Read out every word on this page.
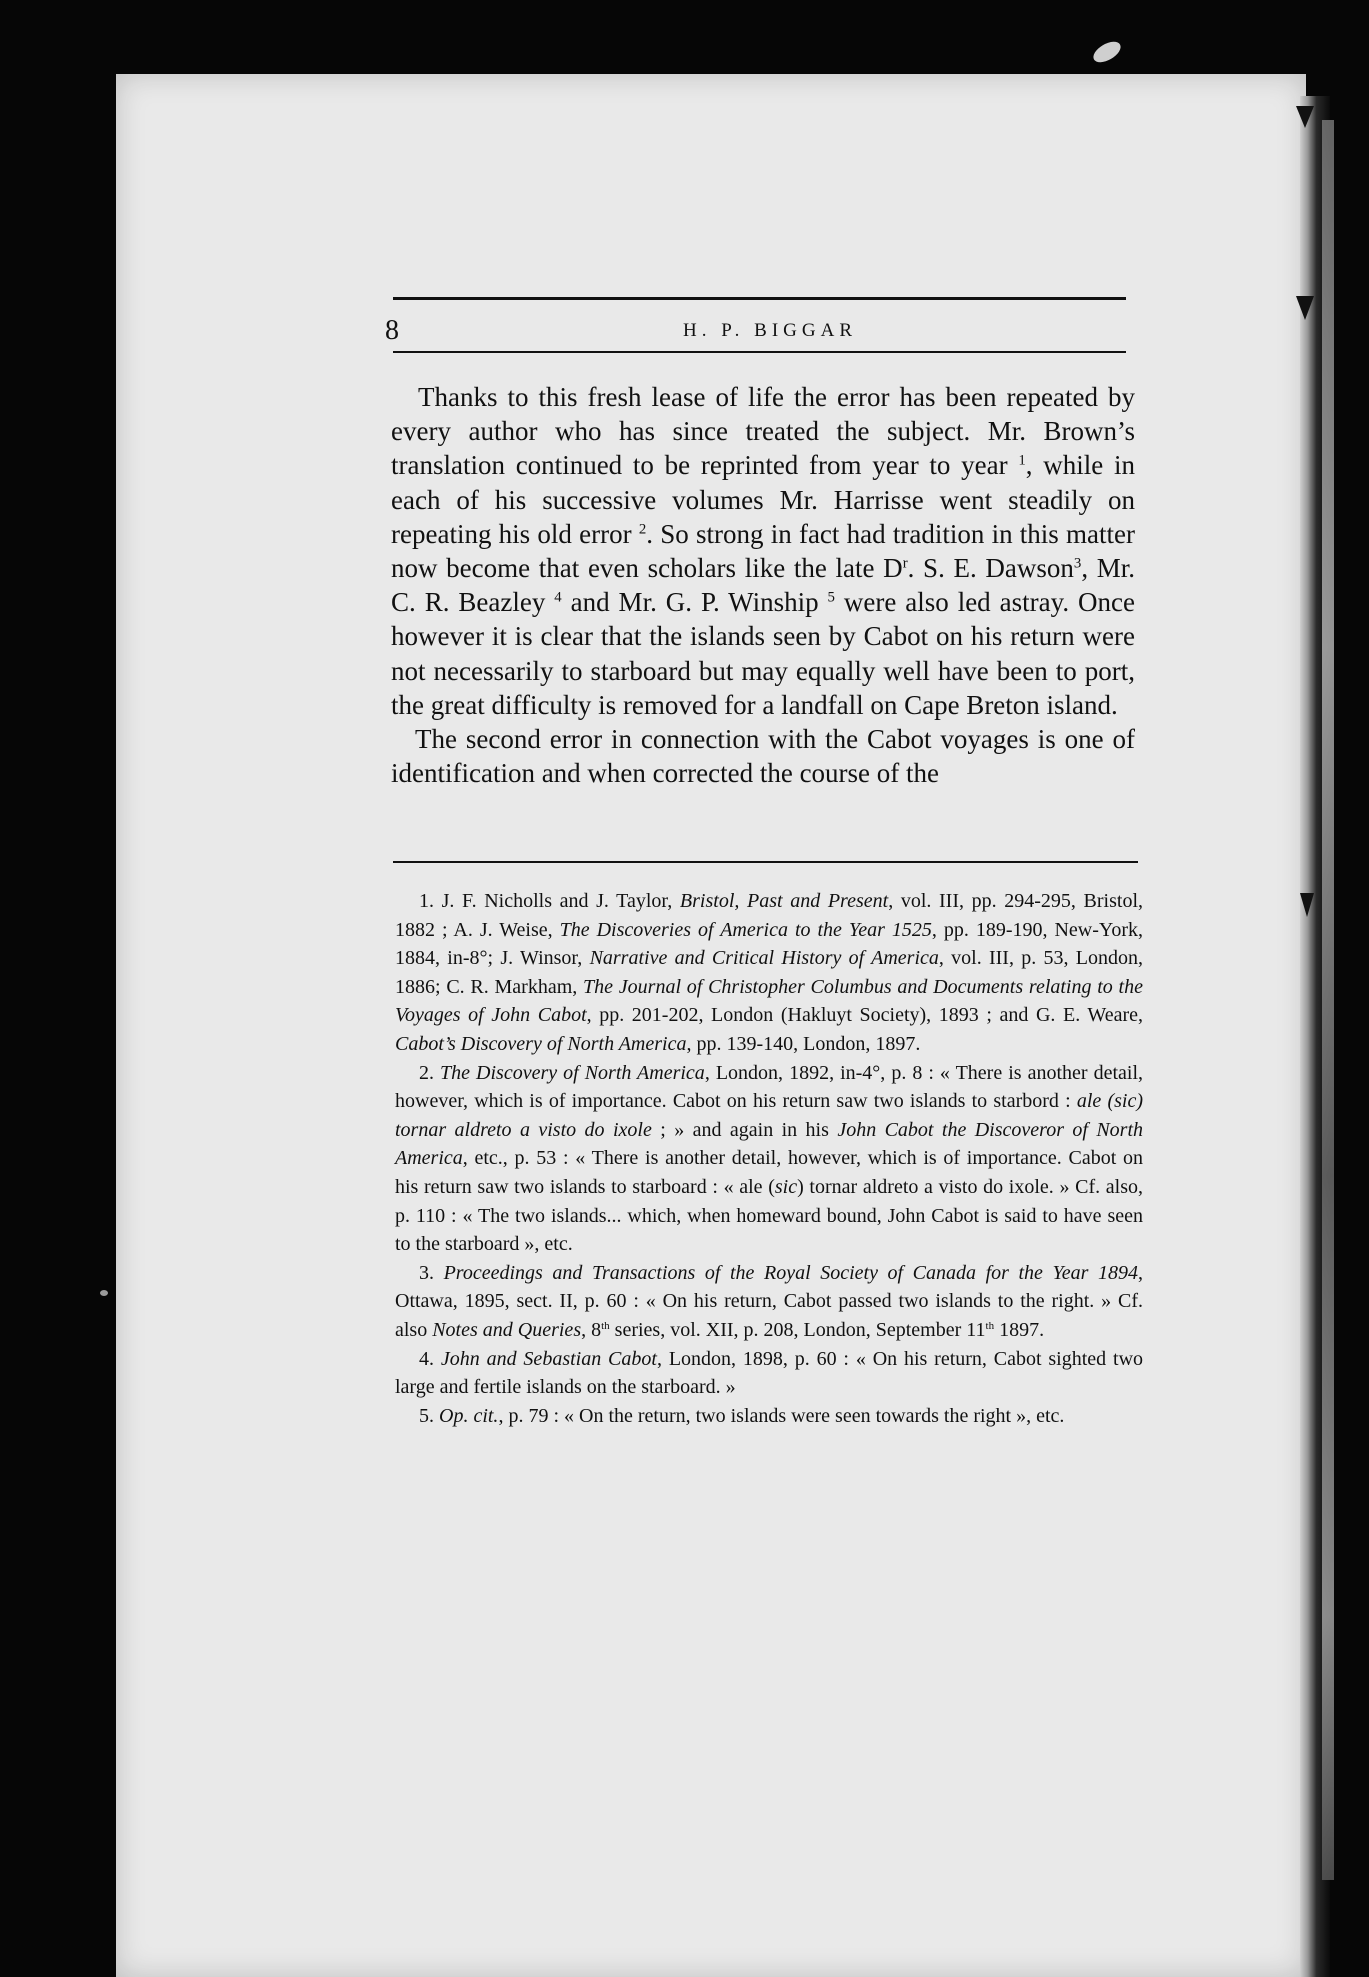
8	H. P. BIGGAR

Thanks to this fresh lease of life the error has been repeated by every author who has since treated the subject. Mr. Brown’s translation continued to be reprinted from year to year $^1$, while in each of his successive volumes Mr. Harrisse went steadily on repeating his old error $^2$. So strong in fact had tradition in this matter now become that even scholars like the late $D^r$. S. E. Dawson$^3$, Mr. C. R. Beazley $^4$ and Mr. G. P. Winship $^5$ were also led astray. Once however it is clear that the islands seen by Cabot on his return were not necessarily to starboard but may equally well have been to port, the great difficulty is removed for a landfall on Cape Breton island.

The second error in connection with the Cabot voyages is one of identification and when corrected the course of the

1. J. F. Nicholls and J. Taylor, Bristol, Past and Present, vol. III, pp. 294-295, Bristol, 1882 ; A. J. Weise, The Discoveries of America to the Year 1525, pp. 189-190, New-York, 1884, in-8°; J. Winsor, Narrative and Critical History of America, vol. III, p. 53, London, 1886; C. R. Markham, The Journal of Christopher Columbus and Documents relating to the Voyages of John Cabot, pp. 201-202, London (Hakluyt Society), 1893 ; and G. E. Weare, Cabot’s Discovery of North America, pp. 139-140, London, 1897.

2. The Discovery of North America, London, 1892, in-4°, p. 8 : « There is another detail, however, which is of importance. Cabot on his return saw two islands to starbord : ale (sic) tornar aldreto a visto do ixole ; » and again in his John Cabot the Discoveror of North America, etc., p. 53 : « There is another detail, however, which is of importance. Cabot on his return saw two islands to starboard : « ale (sic) tornar aldreto a visto do ixole. » Cf. also, p. 110 : « The two islands... which, when homeward bound, John Cabot is said to have seen to the starboard », etc.

3. Proceedings and Transactions of the Royal Society of Canada for the Year 1894, Ottawa, 1895, sect. II, p. 60 : « On his return, Cabot passed two islands to the right. » Cf. also Notes and Queries, 8th series, vol. XII, p. 208, London, September 11th 1897.

4. John and Sebastian Cabot, London, 1898, p. 60 : « On his return, Cabot sighted two large and fertile islands on the starboard. »

5. Op. cit., p. 79 : « On the return, two islands were seen towards the right », etc.
